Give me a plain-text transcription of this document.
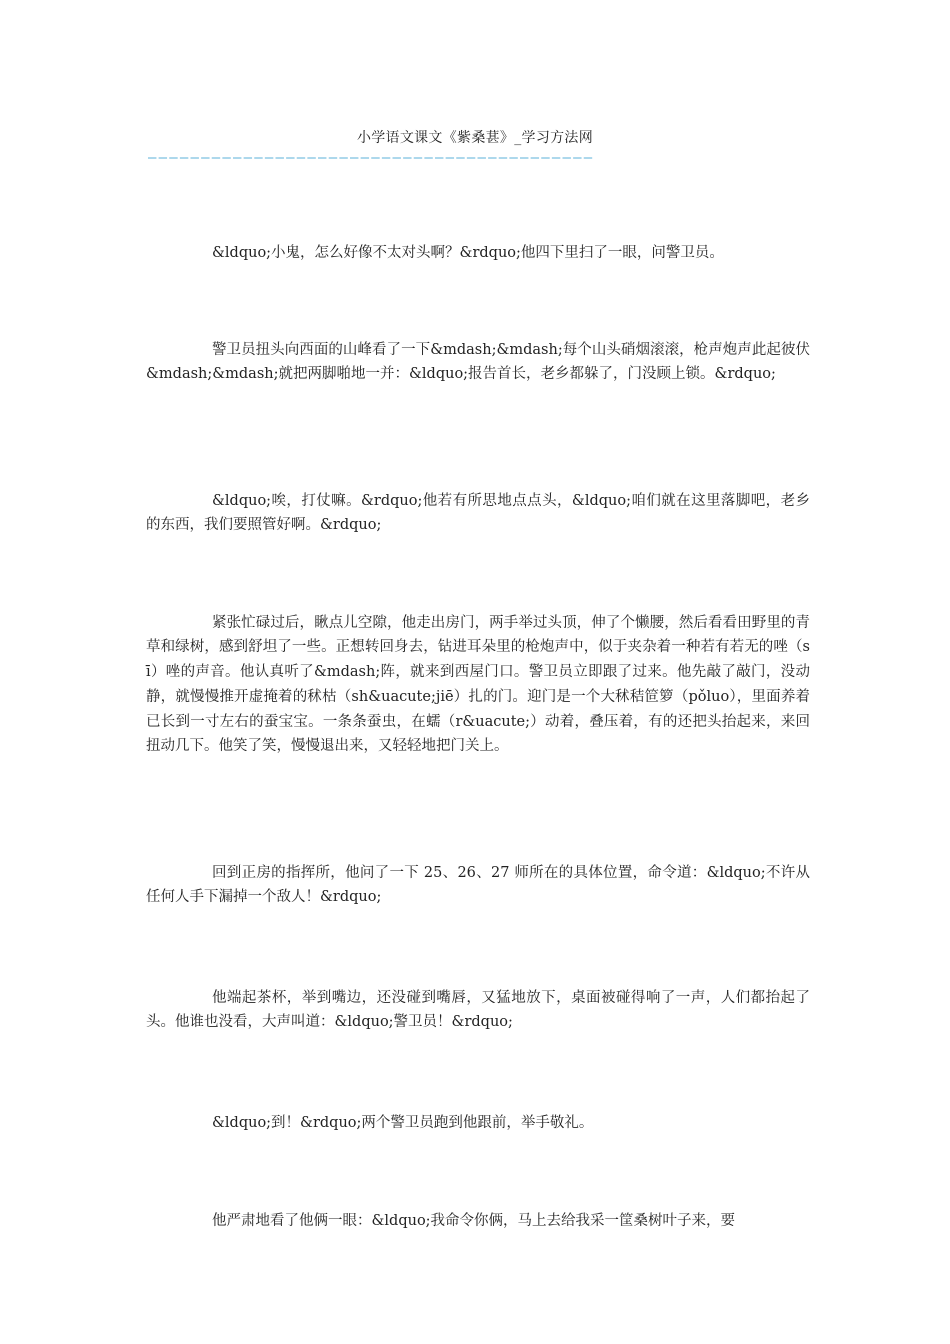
小学语文课文《紫桑葚》_学习方法网
——————————————————————————————————————————

&ldquo;小鬼，怎么好像不太对头啊？&rdquo;他四下里扫了一眼，问警卫员。

警卫员扭头向西面的山峰看了一下&mdash;&mdash;每个山头硝烟滚滚，枪声炮声此起彼伏&mdash;&mdash;就把两脚啪地一并：&ldquo;报告首长，老乡都躲了，门没顾上锁。&rdquo;

&ldquo;唉，打仗嘛。&rdquo;他若有所思地点点头，&ldquo;咱们就在这里落脚吧，老乡的东西，我们要照管好啊。&rdquo;

紧张忙碌过后，瞅点儿空隙，他走出房门，两手举过头顶，伸了个懒腰，然后看看田野里的青草和绿树，感到舒坦了一些。正想转回身去，钻进耳朵里的枪炮声中，似于夹杂着一种若有若无的唑（sī）唑的声音。他认真听了&mdash;阵，就来到西屋门口。警卫员立即跟了过来。他先敲了敲门，没动静，就慢慢推开虚掩着的秫枯（sh&uacute;jiē）扎的门。迎门是一个大秫秸笸箩（pǒluo），里面养着已长到一寸左右的蚕宝宝。一条条蚕虫，在蠕（r&uacute;）动着，叠压着，有的还把头抬起来，来回扭动几下。他笑了笑，慢慢退出来，又轻轻地把门关上。

回到正房的指挥所，他问了一下 25、26、27 师所在的具体位置，命令道：&ldquo;不许从任何人手下漏掉一个敌人！&rdquo;

他端起茶杯，举到嘴边，还没碰到嘴唇，又猛地放下，桌面被碰得响了一声，人们都抬起了头。他谁也没看，大声叫道：&ldquo;警卫员！&rdquo;

&ldquo;到！&rdquo;两个警卫员跑到他跟前，举手敬礼。

他严肃地看了他俩一眼：&ldquo;我命令你俩，马上去给我采一筐桑树叶子来，要
